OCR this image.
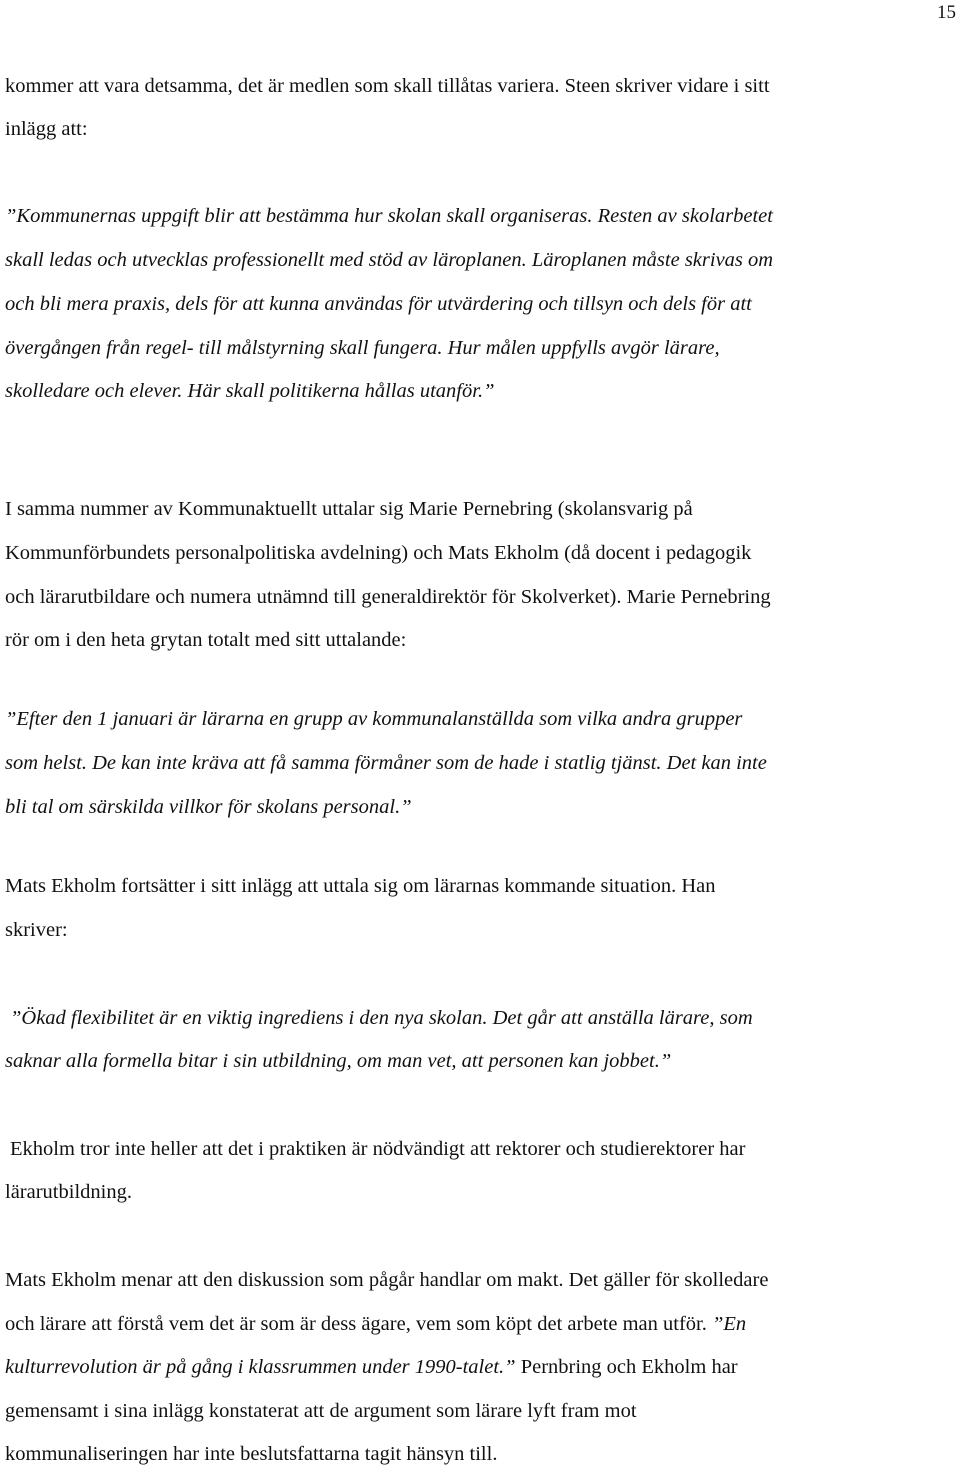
15
kommer att vara detsamma, det är medlen som skall tillåtas variera. Steen skriver vidare i sitt
inlägg att:
”Kommunernas uppgift blir att bestämma hur skolan skall organiseras. Resten av skolarbetet
skall ledas och utvecklas professionellt med stöd av läroplanen. Läroplanen måste skrivas om
och bli mera praxis, dels för att kunna användas för utvärdering och tillsyn och dels för att
övergången från regel- till målstyrning skall fungera. Hur målen uppfylls avgör lärare,
skolledare och elever. Här skall politikerna hållas utanför.”
I samma nummer av Kommunaktuellt uttalar sig Marie Pernebring (skolansvarig på
Kommunförbundets personalpolitiska avdelning) och Mats Ekholm (då docent i pedagogik
och lärarutbildare och numera utnämnd till generaldirektör för Skolverket). Marie Pernebring
rör om i den heta grytan totalt med sitt uttalande:
”Efter den 1 januari är lärarna en grupp av kommunalanställda som vilka andra grupper
som helst. De kan inte kräva att få samma förmåner som de hade i statlig tjänst. Det kan inte
bli tal om särskilda villkor för skolans personal.”
Mats Ekholm fortsätter i sitt inlägg att uttala sig om lärarnas kommande situation. Han
skriver:
”Ökad flexibilitet är en viktig ingrediens i den nya skolan. Det går att anställa lärare, som
saknar alla formella bitar i sin utbildning, om man vet, att personen kan jobbet.”
Ekholm tror inte heller att det i praktiken är nödvändigt att rektorer och studierektorer har
lärarutbildning.
Mats Ekholm menar att den diskussion som pågår handlar om makt. Det gäller för skolledare
och lärare att förstå vem det är som är dess ägare, vem som köpt det arbete man utför. ”En
kulturrevolution är på gång i klassrummen under 1990-talet.” Pernbring och Ekholm har
gemensamt i sina inlägg konstaterat att de argument som lärare lyft fram mot
kommunaliseringen har inte beslutsfattarna tagit hänsyn till.
